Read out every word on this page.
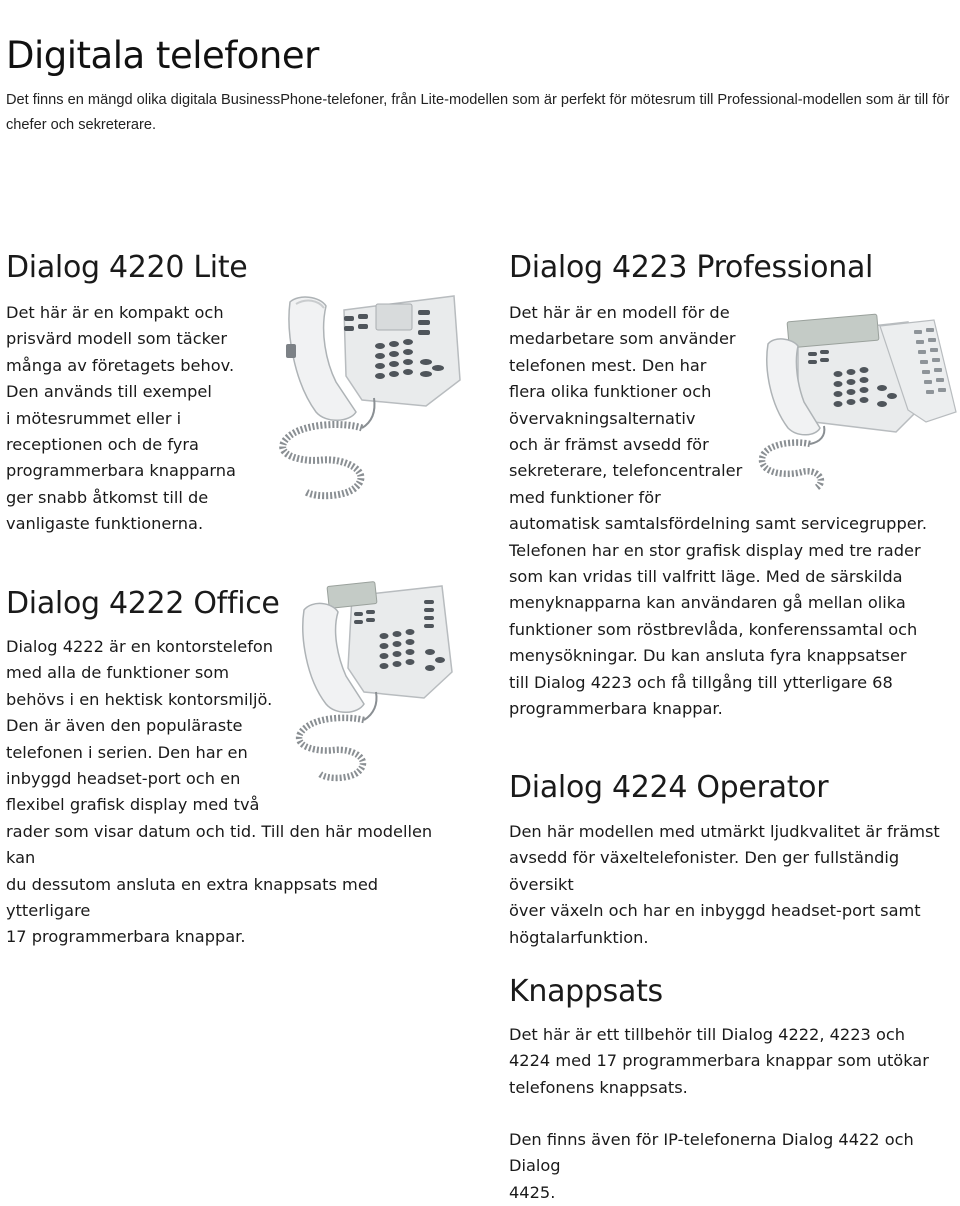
Digitala telefoner

Det finns en mängd olika digitala BusinessPhone-telefoner, från Lite-modellen som är perfekt för mötesrum till Professional-modellen som är till för chefer och sekreterare.

Dialog 4220 Lite

Det här är en kompakt och

prisvärd modell som täcker

många av företagets behov.

Den används till exempel

i mötesrummet eller i

receptionen och de fyra

programmerbara knapparna

ger snabb åtkomst till de

vanligaste funktionerna.

Dialog 4222 Office

Dialog 4222 är en kontorstelefon

med alla de funktioner som

behövs i en hektisk kontorsmiljö.

Den är även den populäraste

telefonen i serien. Den har en

inbyggd headset-port och en

flexibel grafisk display med två

rader som visar datum och tid. Till den här modellen kan

du dessutom ansluta en extra knappsats med ytterligare

17 programmerbara knappar.

Dialog 4223 Professional

Det här är en modell för de

medarbetare som använder

telefonen mest. Den har

flera olika funktioner och

övervakningsalternativ

och är främst avsedd för

sekreterare, telefoncentraler

med funktioner för

automatisk samtalsfördelning samt servicegrupper.

Telefonen har en stor grafisk display med tre rader

som kan vridas till valfritt läge. Med de särskilda

menyknapparna kan användaren gå mellan olika

funktioner som röstbrevlåda, konferenssamtal och

menysökningar. Du kan ansluta fyra knappsatser

till Dialog 4223 och få tillgång till ytterligare 68

programmerbara knappar.

Dialog 4224 Operator

Den här modellen med utmärkt ljudkvalitet är främst

avsedd för växeltelefonister. Den ger fullständig översikt

över växeln och har en inbyggd headset-port samt

högtalarfunktion.

Knappsats

Det här är ett tillbehör till Dialog 4222, 4223 och

4224 med 17 programmerbara knappar som utökar

telefonens knappsats.

Den finns även för IP-telefonerna Dialog 4422 och Dialog

4425.
